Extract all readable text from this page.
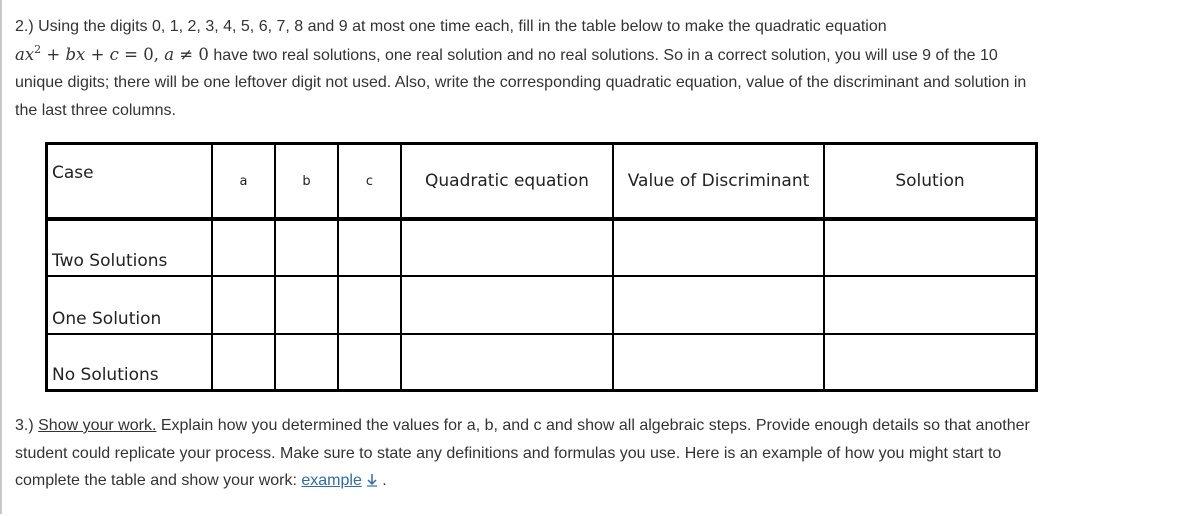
2.) Using the digits 0, 1, 2, 3, 4, 5, 6, 7, 8 and 9 at most one time each, fill in the table below to make the quadratic equation
$ax^2$ + bx + c = 0, a ≠ 0 have two real solutions, one real solution and no real solutions. So in a correct solution, you will use 9 of the 10
unique digits; there will be one leftover digit not used. Also, write the corresponding quadratic equation, value of the discriminant and solution in
the last three columns.
Case	a	b	c	Quadratic equation	Value of Discriminant	Solution
Two Solutions						
One Solution						
No Solutions						
3.) Show your work. Explain how you determined the values for a, b, and c and show all algebraic steps. Provide enough details so that another
student could replicate your process. Make sure to state any definitions and formulas you use. Here is an example of how you might start to
complete the table and show your work: example .
